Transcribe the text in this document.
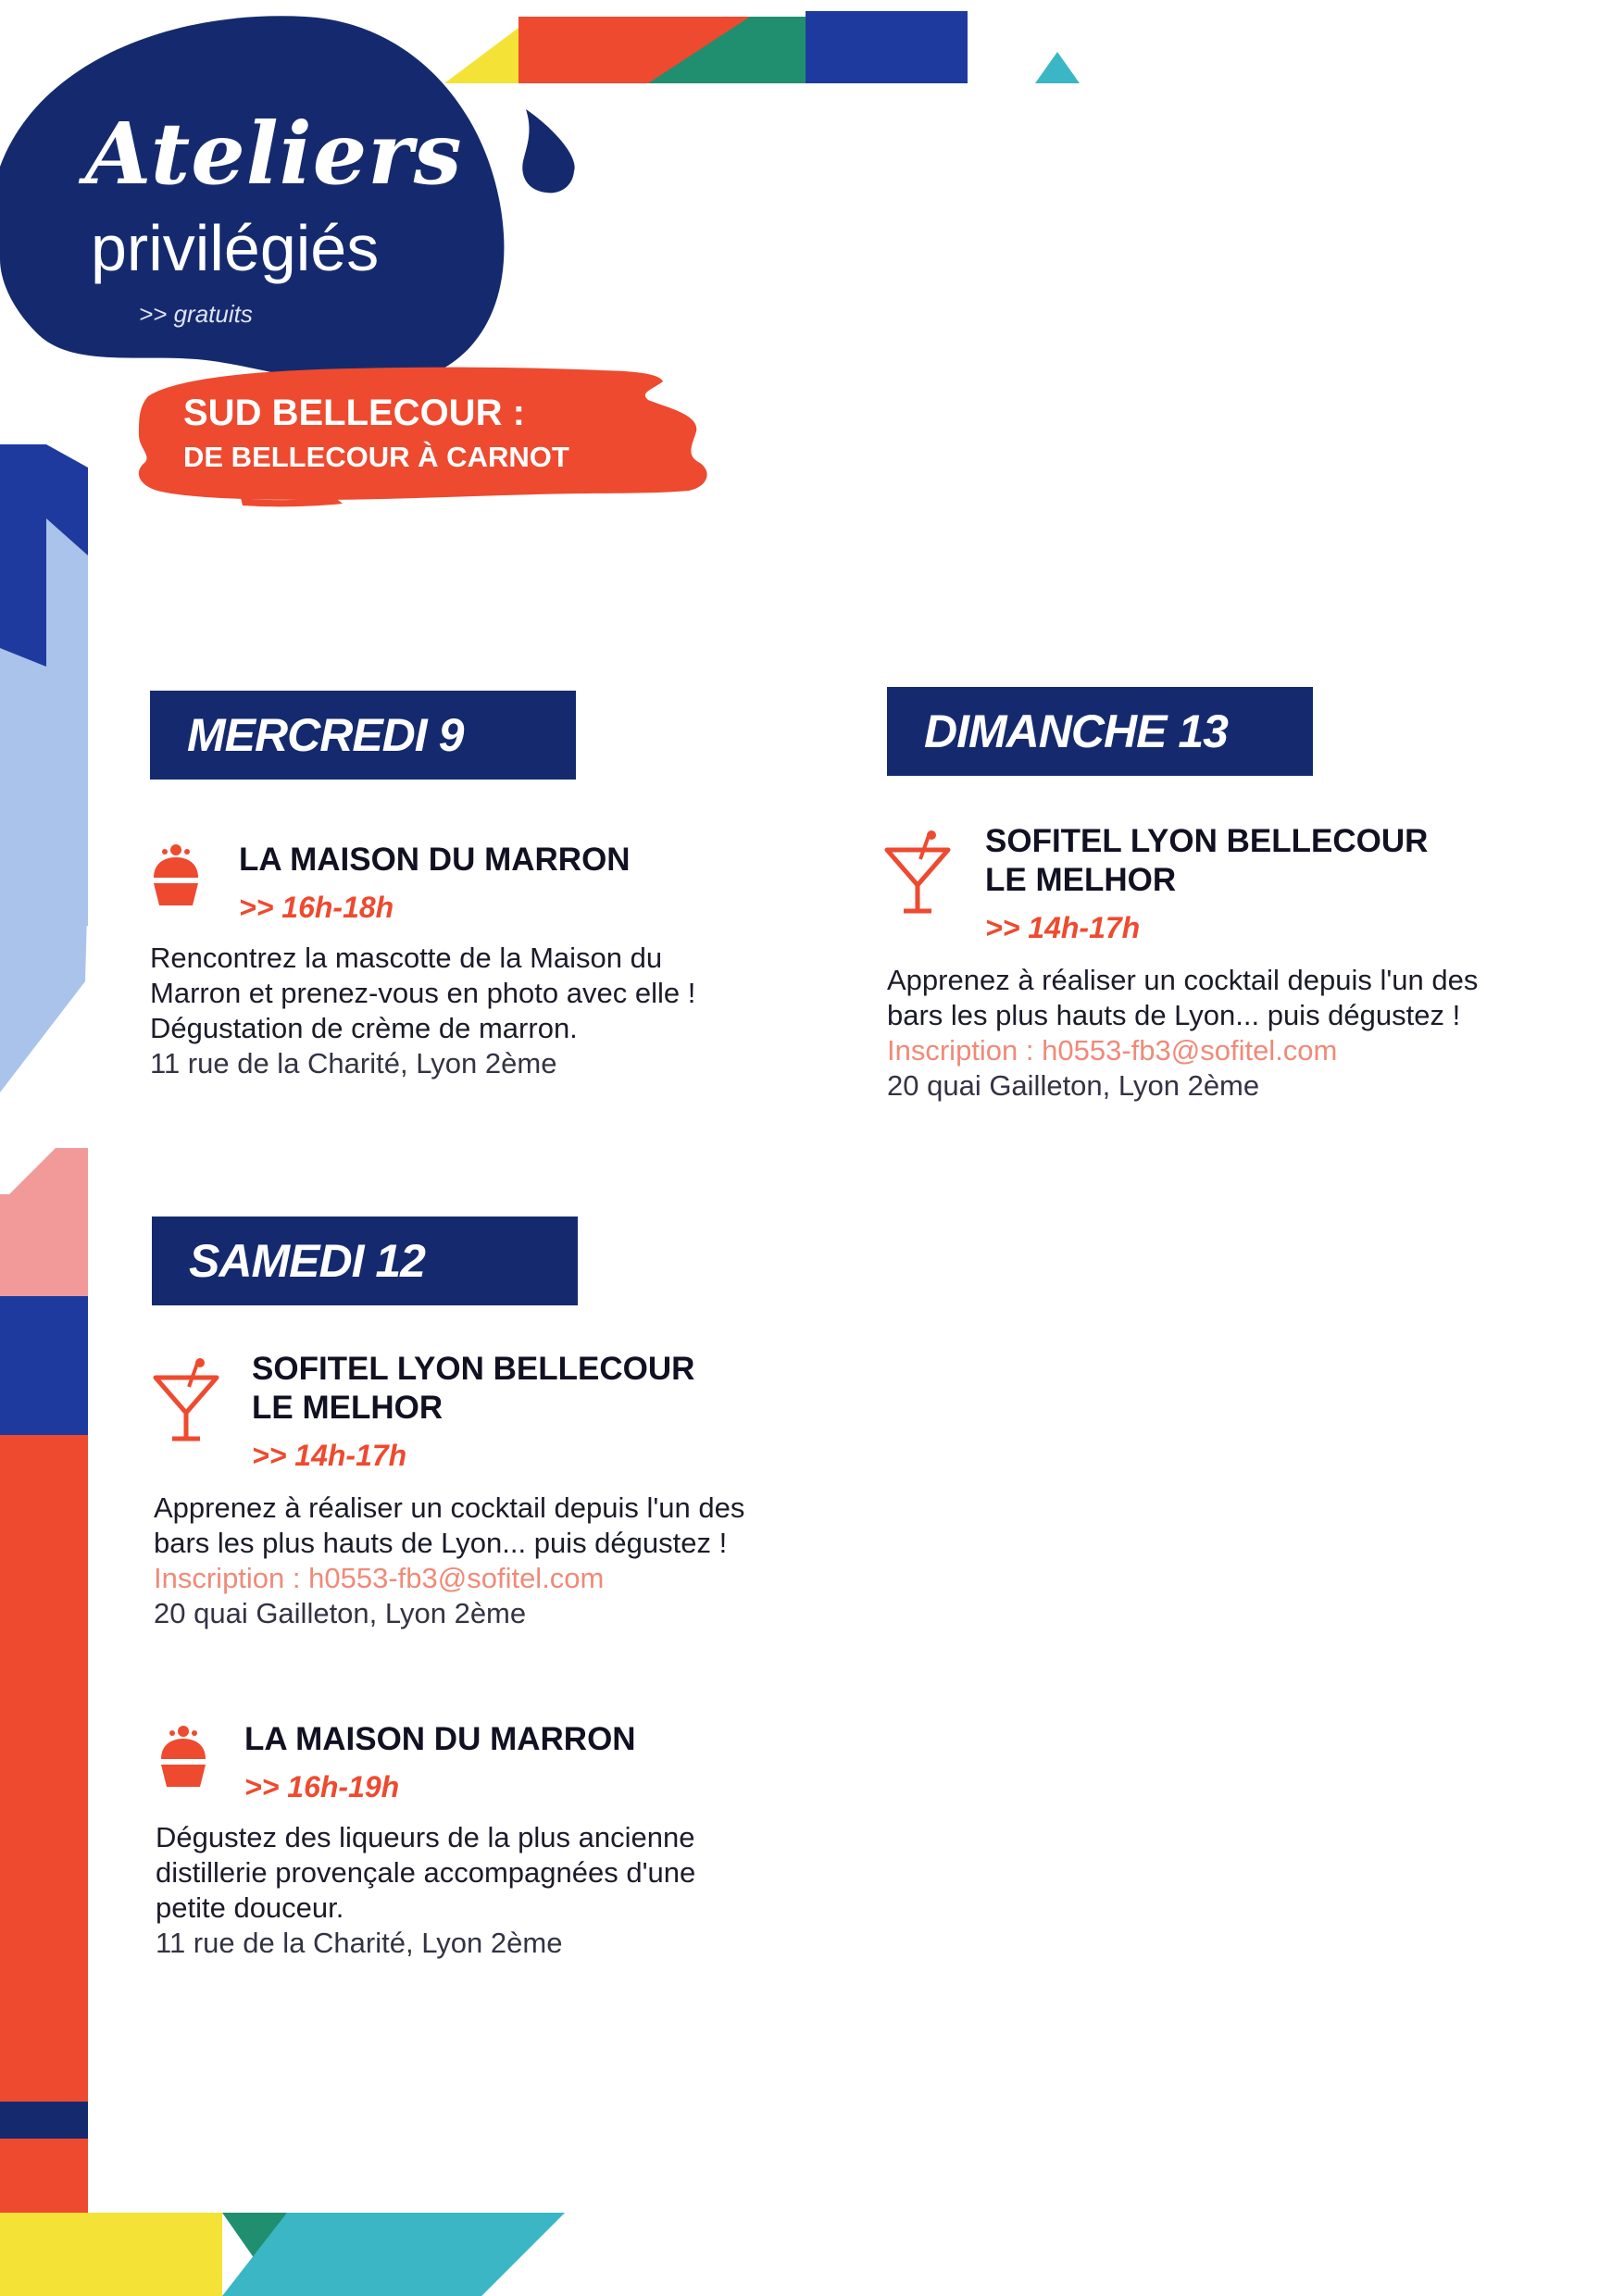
Ateliers
privilégiés
>> gratuits
SUD BELLECOUR :
DE BELLECOUR À CARNOT
MERCREDI 9
LA MAISON DU MARRON
>> 16h-18h

Rencontrez la mascotte de la Maison du Marron et prenez-vous en photo avec elle ! Dégustation de crème de marron.

11 rue de la Charité, Lyon 2ème

DIMANCHE 13
SOFITEL LYON BELLECOUR
LE MELHOR
>> 14h-17h

Apprenez à réaliser un cocktail depuis l'un des bars les plus hauts de Lyon... puis dégustez !

Inscription : h0553-fb3@sofitel.com

20 quai Gailleton, Lyon 2ème

SAMEDI 12
SOFITEL LYON BELLECOUR
LE MELHOR
>> 14h-17h

Apprenez à réaliser un cocktail depuis l'un des bars les plus hauts de Lyon... puis dégustez !

Inscription : h0553-fb3@sofitel.com

20 quai Gailleton, Lyon 2ème

LA MAISON DU MARRON
>> 16h-19h

Dégustez des liqueurs de la plus ancienne distillerie provençale accompagnées d'une petite douceur.

11 rue de la Charité, Lyon 2ème
